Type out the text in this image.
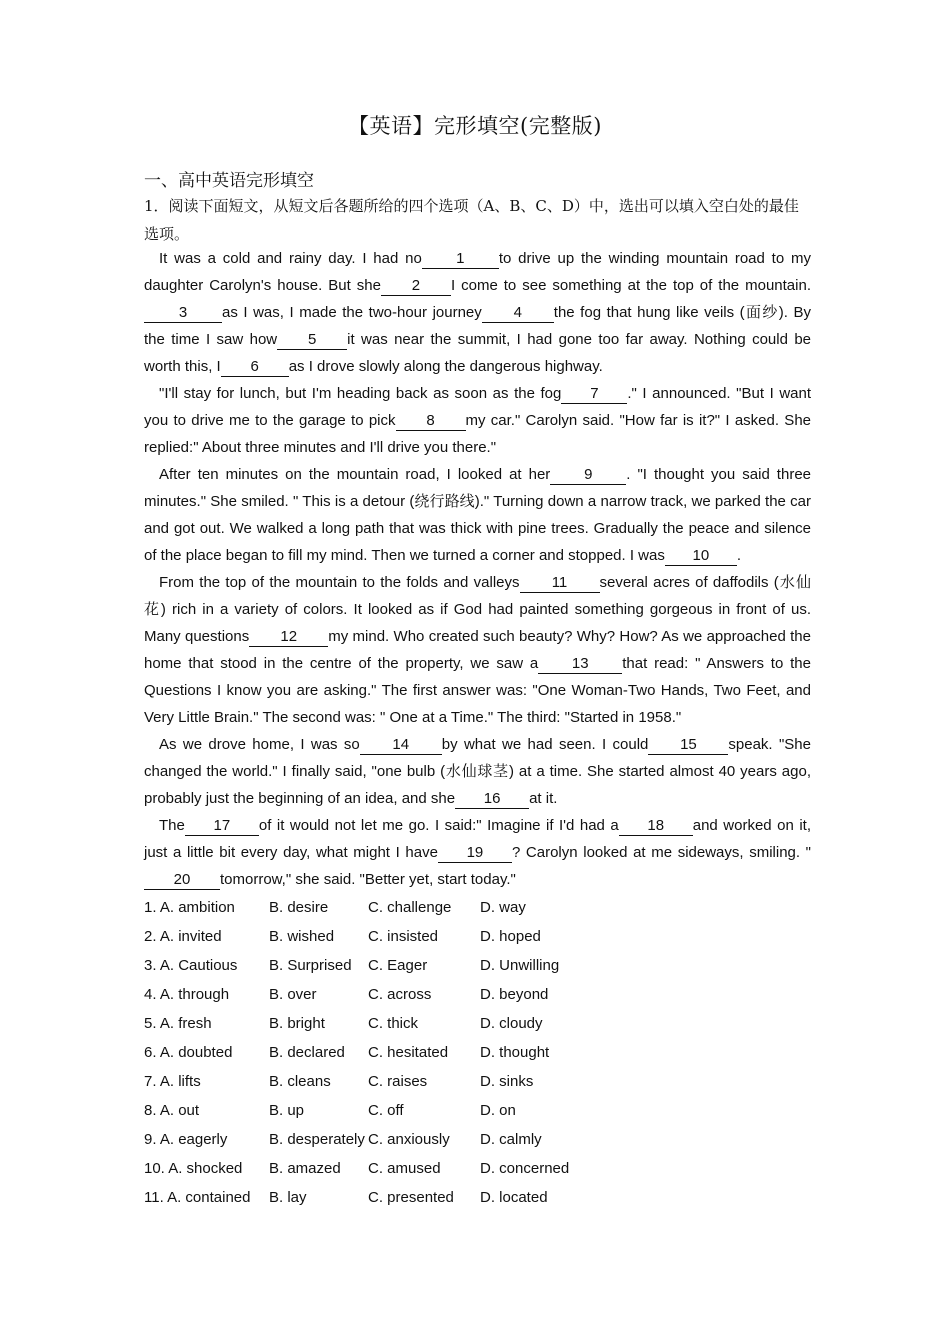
【英语】完形填空(完整版)
一、高中英语完形填空
1．阅读下面短文，从短文后各题所给的四个选项（A、B、C、D）中，选出可以填入空白处的最佳选项。

It was a cold and rainy day. I had no 1 to drive up the winding mountain road to my daughter Carolyn's house. But she 2 I come to see something at the top of the mountain.3 as I was, I made the two-hour journey 4 the fog that hung like veils (面纱). By the time I saw how 5 it was near the summit, I had gone too far away. Nothing could be worth this, I 6 as I drove slowly along the dangerous highway.

"I'll stay for lunch, but I'm heading back as soon as the fog 7 ." I announced. "But I want you to drive me to the garage to pick 8 my car." Carolyn said. "How far is it?" I asked. She replied:" About three minutes and I'll drive you there."

After ten minutes on the mountain road, I looked at her 9 . "I thought you said three minutes." She smiled. " This is a detour (绕行路线)." Turning down a narrow track, we parked the car and got out. We walked a long path that was thick with pine trees. Gradually the peace and silence of the place began to fill my mind. Then we turned a corner and stopped. I was 10 .

From the top of the mountain to the folds and valleys 11 several acres of daffodils (水仙花) rich in a variety of colors. It looked as if God had painted something gorgeous in front of us. Many questions 12 my mind. Who created such beauty? Why? How? As we approached the home that stood in the centre of the property, we saw a 13 that read: " Answers to the Questions I know you are asking." The first answer was: "One Woman-Two Hands, Two Feet, and Very Little Brain." The second was: " One at a Time." The third: "Started in 1958."

As we drove home, I was so 14 by what we had seen. I could 15 speak. "She changed the world." I finally said, "one bulb (水仙球茎) at a time. She started almost 40 years ago, probably just the beginning of an idea, and she 16 at it.

The 17 of it would not let me go. I said:" Imagine if I'd had a 18 and worked on it, just a little bit every day, what might I have 19 ? Carolyn looked at me sideways, smiling. "20 tomorrow," she said. "Better yet, start today."

1. A. ambition	B. desire	C. challenge	D. way
2. A. invited	B. wished	C. insisted	D. hoped
3. A. Cautious	B. Surprised	C. Eager	D. Unwilling
4. A. through	B. over	C. across	D. beyond
5. A. fresh	B. bright	C. thick	D. cloudy
6. A. doubted	B. declared	C. hesitated	D. thought
7. A. lifts	B. cleans	C. raises	D. sinks
8. A. out	B. up	C. off	D. on
9. A. eagerly	B. desperately C. anxiously	D. calmly
10. A. shocked	B. amazed	C. amused	D. concerned
11. A. contained	B. lay	C. presented	D. located
